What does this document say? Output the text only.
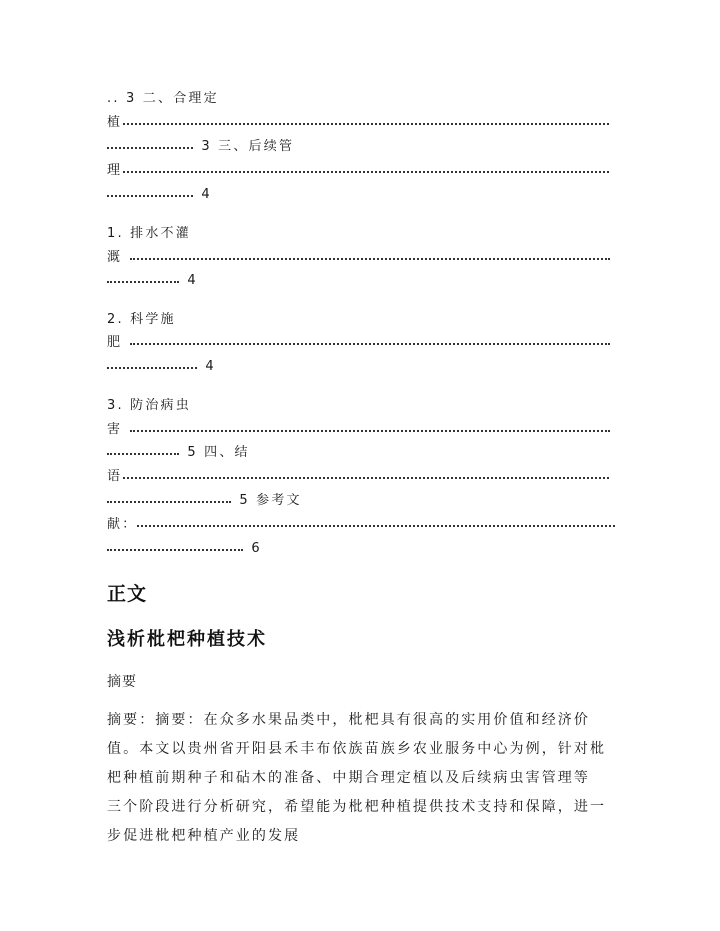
.. 3 二、合理定
植
3 三、后续管
理
4
1. 排水不灌
溉
4
2. 科学施
肥
4
3. 防治病虫
害
5 四、结
语
5 参考文
献：
6
正文
浅析枇杷种植技术
摘要
摘要：摘要：在众多水果品类中，枇杷具有很高的实用价值和经济价
值。本文以贵州省开阳县禾丰布依族苗族乡农业服务中心为例，针对枇
杷种植前期种子和砧木的准备、中期合理定植以及后续病虫害管理等
三个阶段进行分析研究，希望能为枇杷种植提供技术支持和保障，进一
步促进枇杷种植产业的发展
